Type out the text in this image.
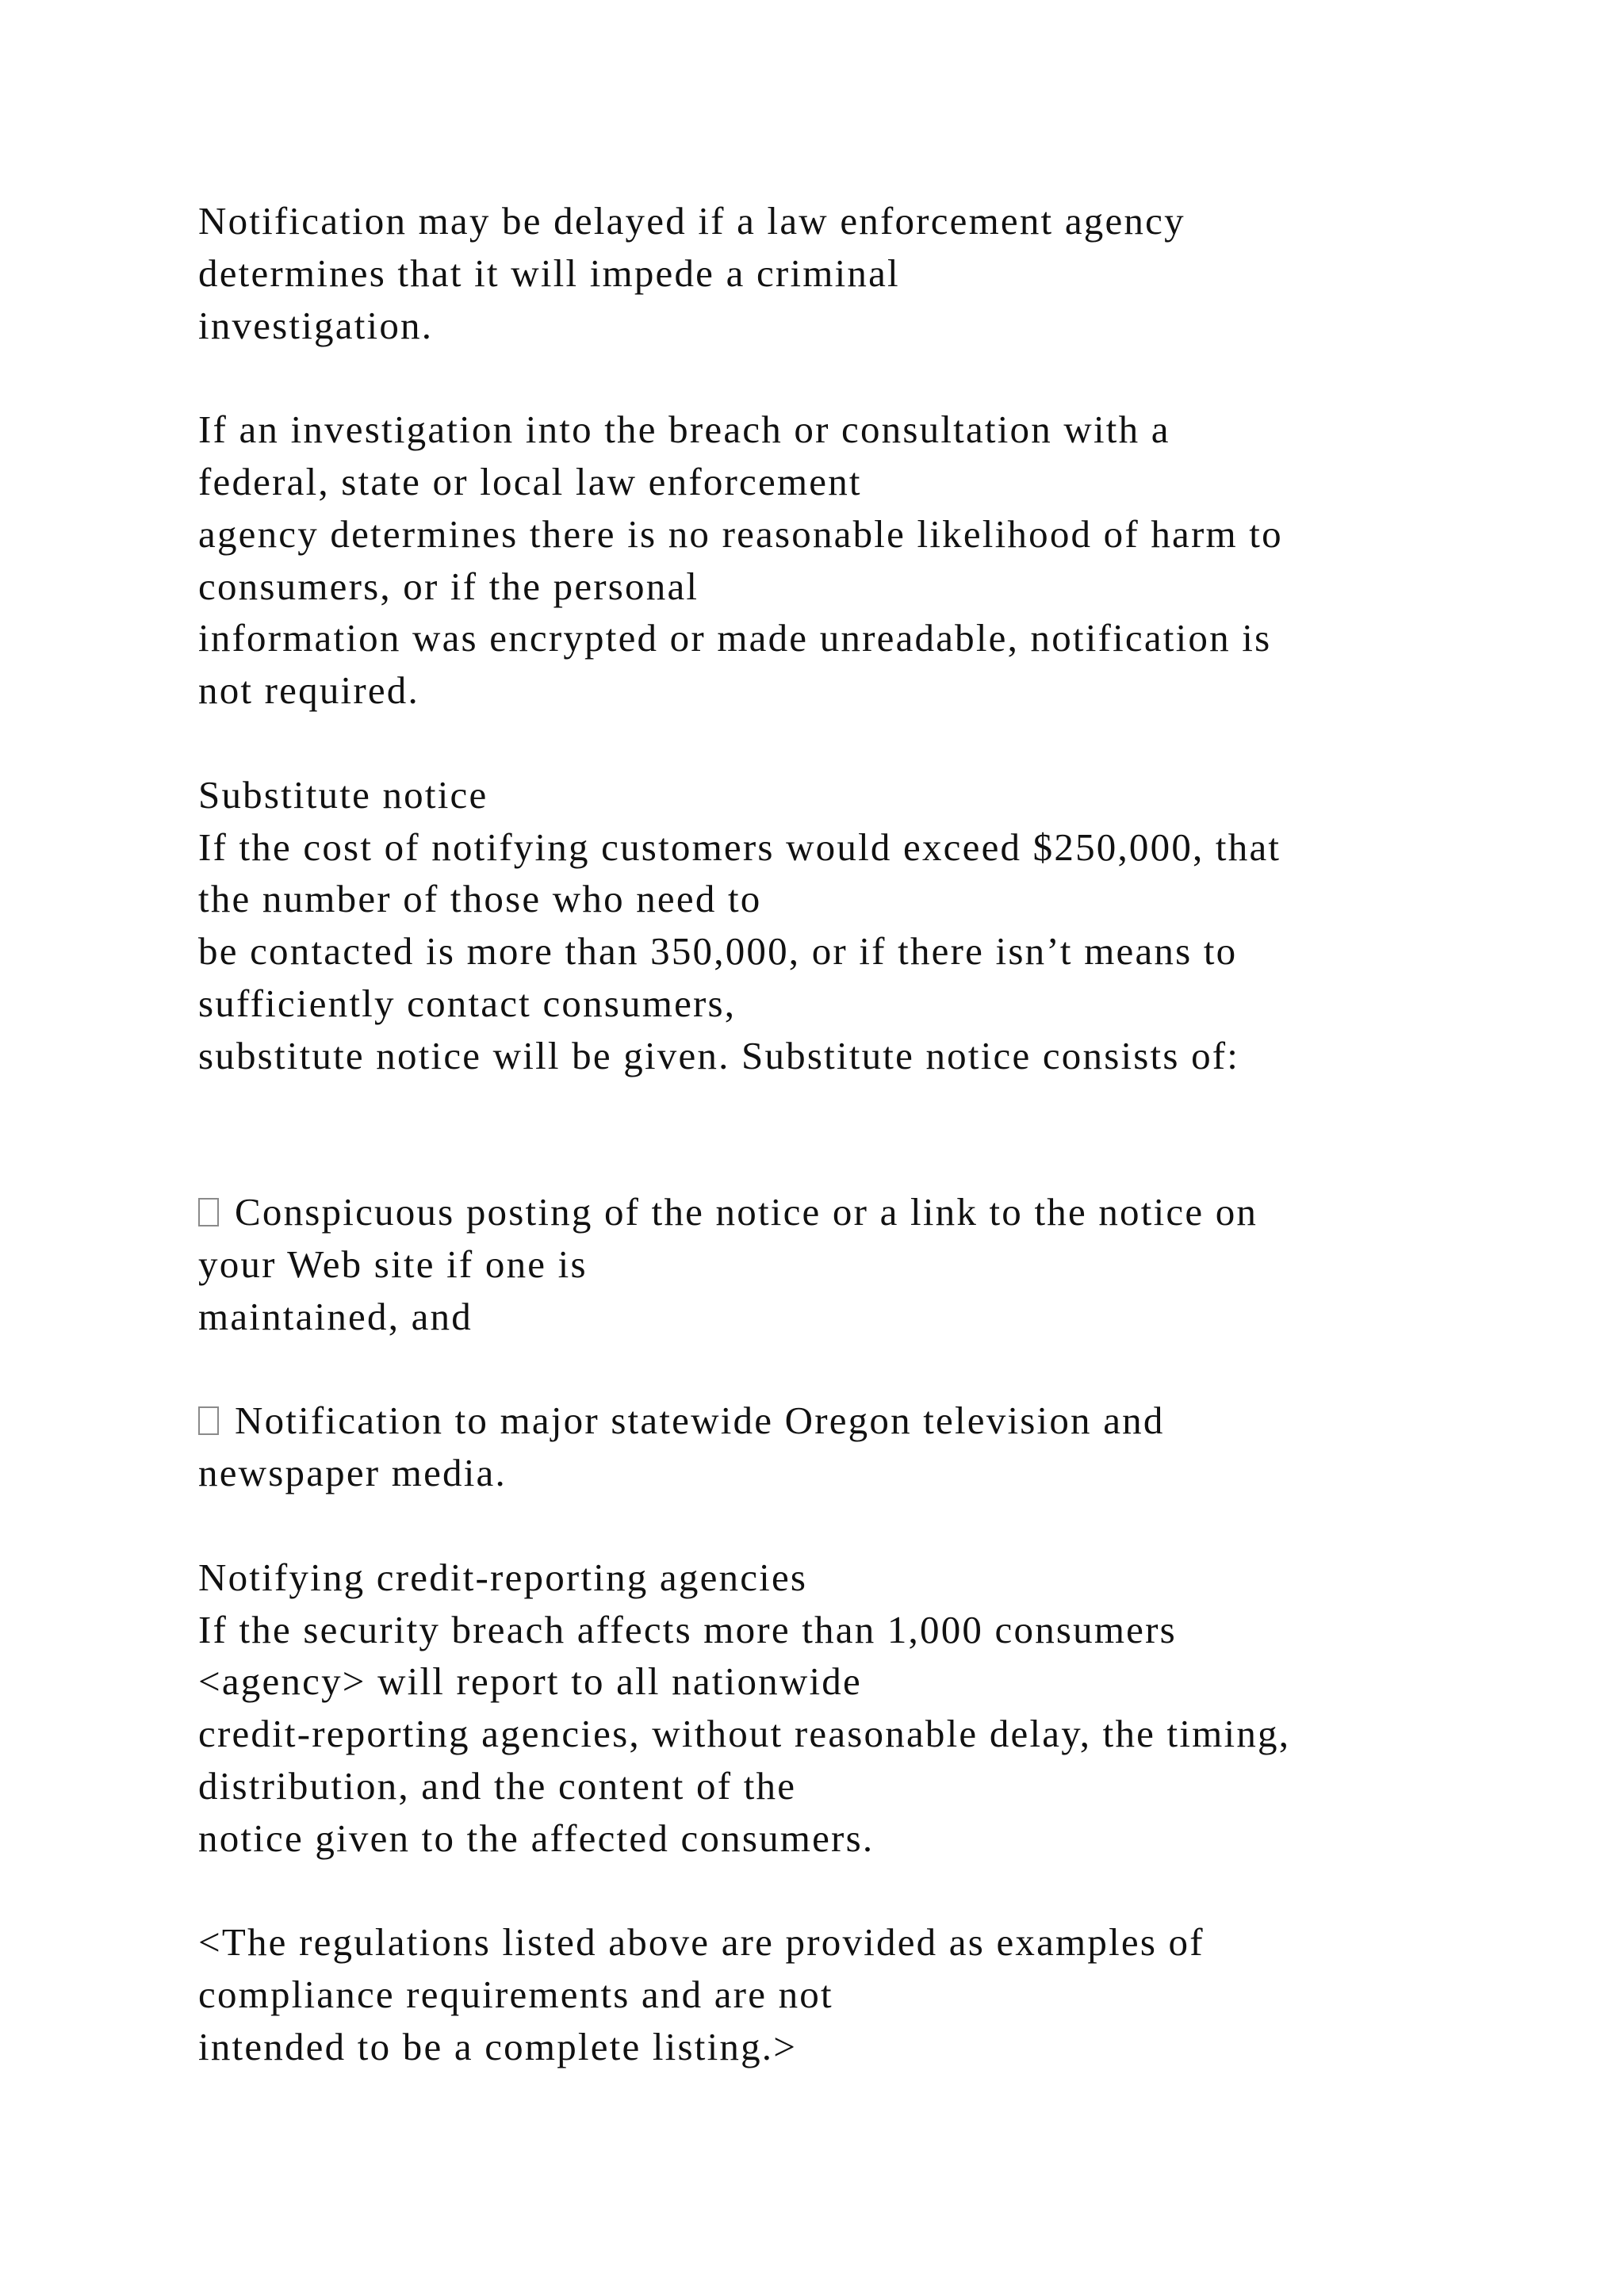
Notification may be delayed if a law enforcement agency
determines that it will impede a criminal
investigation.
If an investigation into the breach or consultation with a
federal, state or local law enforcement
agency determines there is no reasonable likelihood of harm to
consumers, or if the personal
information was encrypted or made unreadable, notification is
not required.
Substitute notice
If the cost of notifying customers would exceed $250,000, that
the number of those who need to
be contacted is more than 350,000, or if there isn’t means to
sufficiently contact consumers,
substitute notice will be given. Substitute notice consists of:
Conspicuous posting of the notice or a link to the notice on
your Web site if one is
maintained, and
Notification to major statewide Oregon television and
newspaper media.
Notifying credit-reporting agencies
If the security breach affects more than 1,000 consumers
<agency> will report to all nationwide
credit-reporting agencies, without reasonable delay, the timing,
distribution, and the content of the
notice given to the affected consumers.
<The regulations listed above are provided as examples of
compliance requirements and are not
intended to be a complete listing.>
